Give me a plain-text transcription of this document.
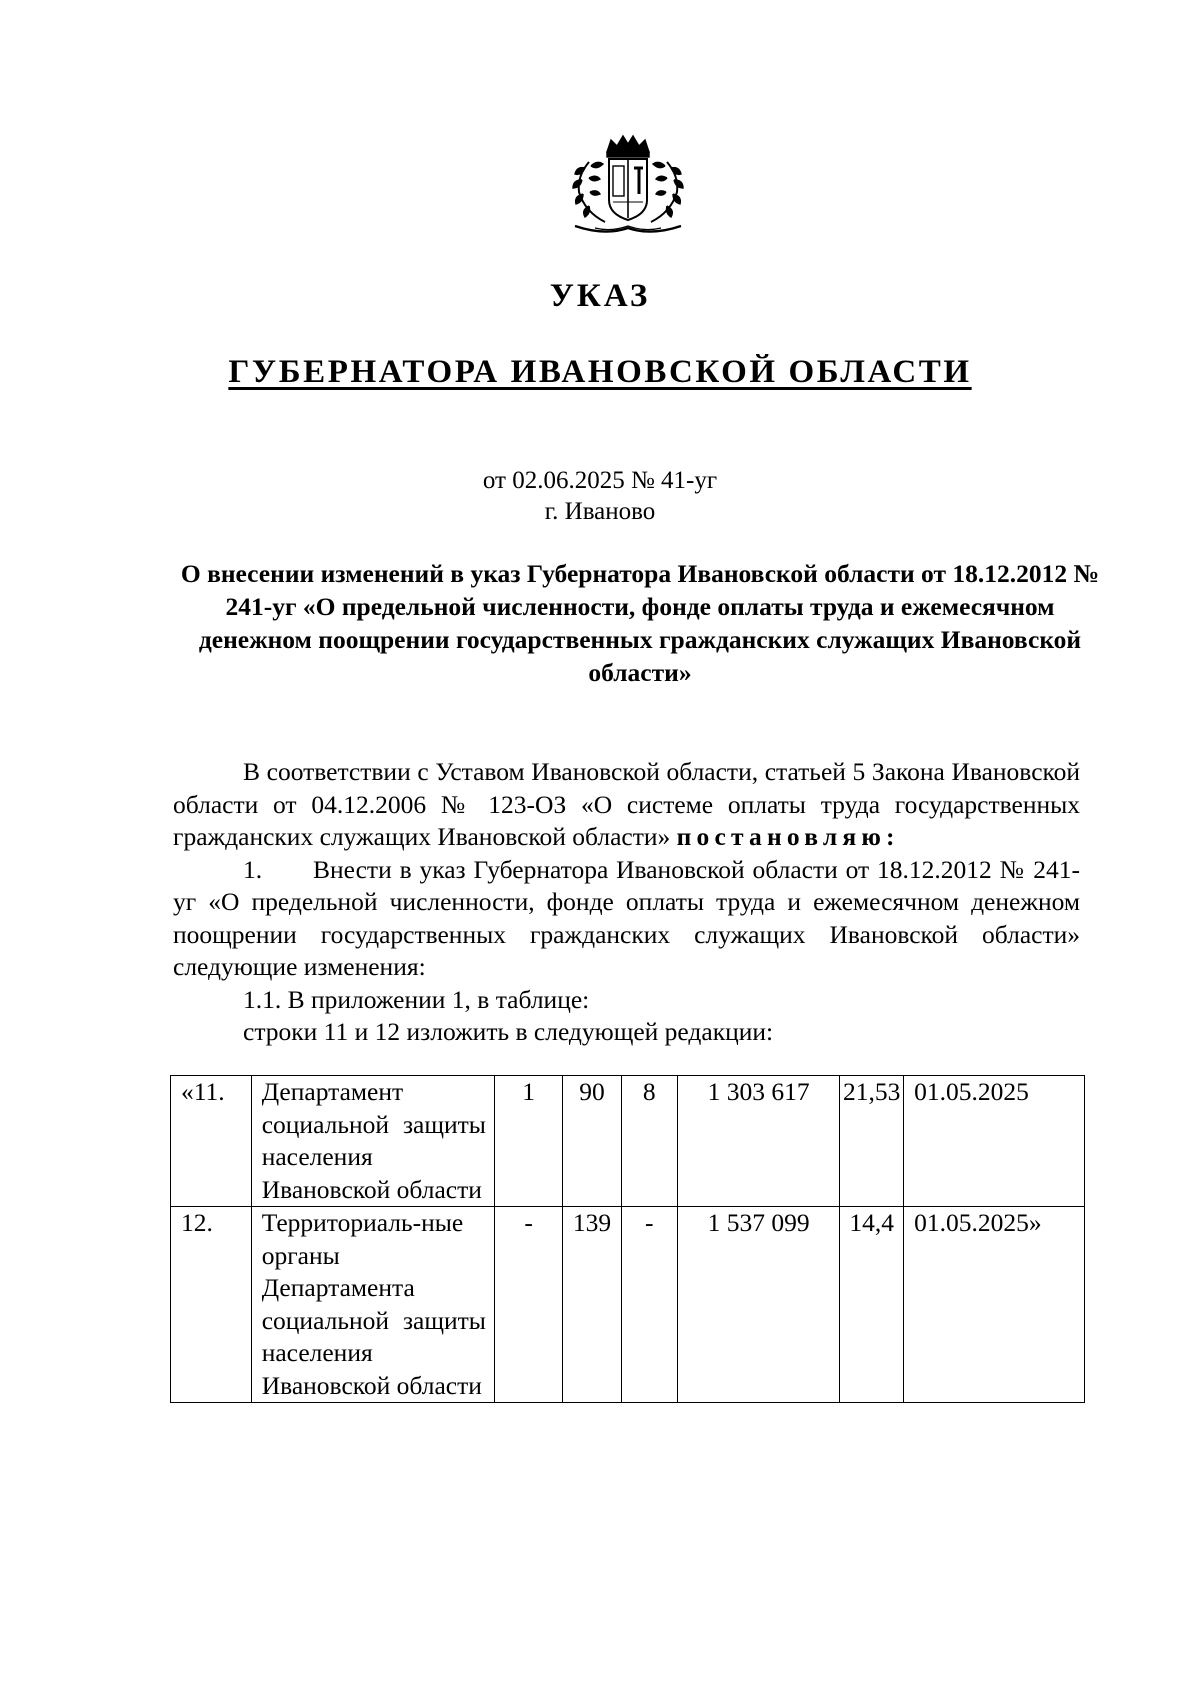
УКАЗ
ГУБЕРНАТОРА ИВАНОВСКОЙ ОБЛАСТИ
от 02.06.2025 № 41-уг
г. Иваново
О внесении изменений в указ Губернатора Ивановской области от 18.12.2012 № 241-уг «О предельной численности, фонде оплаты труда и ежемесячном денежном поощрении государственных гражданских служащих Ивановской области»

В соответствии с Уставом Ивановской области, статьей 5 Закона Ивановской области от 04.12.2006 № 123-ОЗ «О системе оплаты труда государственных гражданских служащих Ивановской области» постановляю:

1. Внести в указ Губернатора Ивановской области от 18.12.2012 № 241-уг «О предельной численности, фонде оплаты труда и ежемесячном денежном поощрении государственных гражданских служащих Ивановской области» следующие изменения:

1.1. В приложении 1, в таблице:

строки 11 и 12 изложить в следующей редакции:

«11.	Департамент социальной защиты населения Ивановской области	1	90	8	1 303 617	21,53	01.05.2025
12.	Территориаль-ные органы Департамента социальной защиты населения Ивановской области	-	139	-	1 537 099	14,4	01.05.2025»
